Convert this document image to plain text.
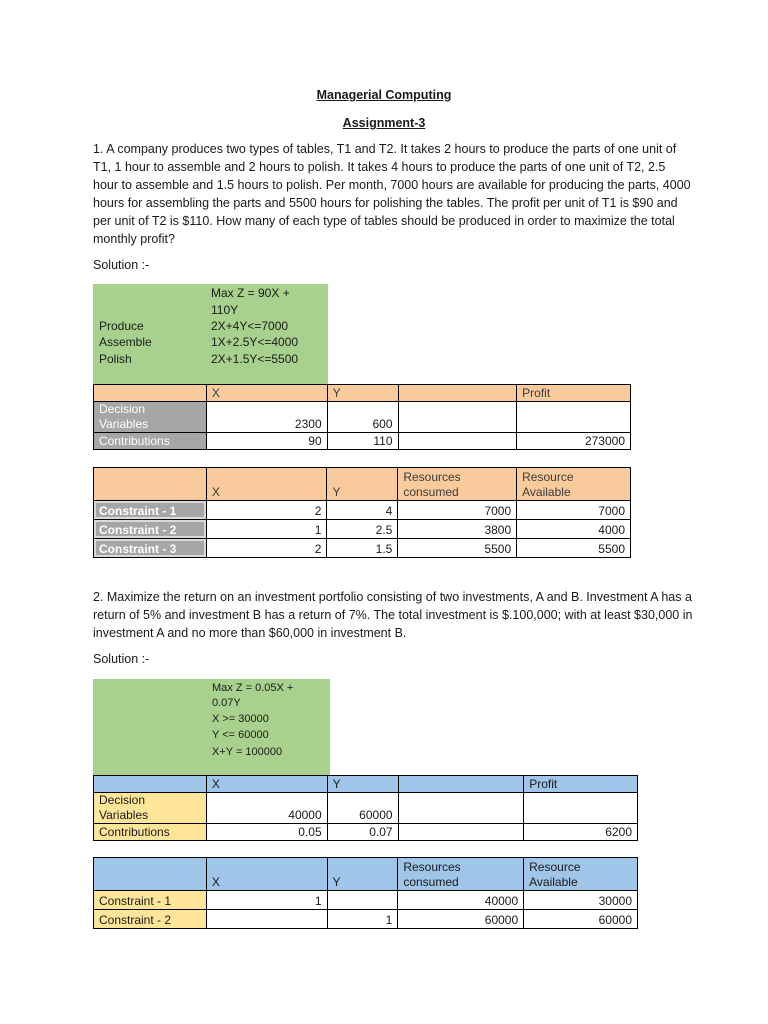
Managerial Computing
Assignment-3

1. A company produces two types of tables, T1 and T2. It takes 2 hours to produce the parts of one unit of T1, 1 hour to assemble and 2 hours to polish. It takes 4 hours to produce the parts of one unit of T2, 2.5 hour to assemble and 1.5 hours to polish. Per month, 7000 hours are available for producing the parts, 4000 hours for assembling the parts and 5500 hours for polishing the tables. The profit per unit of T1 is $90 and per unit of T2 is $110. How many of each type of tables should be produced in order to maximize the total monthly profit?

Solution :-
Max Z = 90X +
110Y
Produce	2X+4Y<=7000
Assemble	1X+2.5Y<=4000
Polish	2X+1.5Y<=5500
	X	Y		Profit
Decision
Variables	2300	600		
Contributions	90	110		273000
	X	Y	Resources
consumed	Resource
Available
Constraint - 1	2	4	7000	7000
Constraint - 2	1	2.5	3800	4000
Constraint - 3	2	1.5	5500	5500

2. Maximize the return on an investment portfolio consisting of two investments, A and B. Investment A has a return of 5% and investment B has a return of 7%. The total investment is $.100,000; with at least $30,000 in investment A and no more than $60,000 in investment B.

Solution :-
Max Z = 0.05X +
0.07Y
X >= 30000
Y <= 60000
X+Y = 100000
	X	Y		Profit
Decision
Variables	40000	60000		
Contributions	0.05	0.07		6200
	X	Y	Resources
consumed	Resource
Available
Constraint - 1	1		40000	30000
Constraint - 2		1	60000	60000
